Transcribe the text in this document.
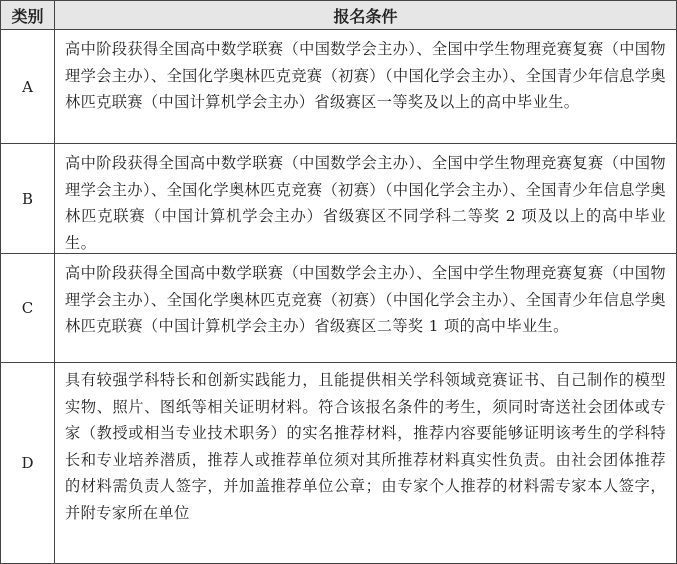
类别	报名条件
A
高中阶段获得全国高中数学联赛（中国数学会主办）、全国中学生物理竞赛复赛（中国物理学会主办）、全国化学奥林匹克竞赛（初赛）（中国化学会主办）、全国青少年信息学奥林匹克联赛（中国计算机学会主办）省级赛区一等奖及以上的高中毕业生。
B
高中阶段获得全国高中数学联赛（中国数学会主办）、全国中学生物理竞赛复赛（中国物理学会主办）、全国化学奥林匹克竞赛（初赛）（中国化学会主办）、全国青少年信息学奥林匹克联赛（中国计算机学会主办）省级赛区不同学科二等奖 2 项及以上的高中毕业生。
C
高中阶段获得全国高中数学联赛（中国数学会主办）、全国中学生物理竞赛复赛（中国物理学会主办）、全国化学奥林匹克竞赛（初赛）（中国化学会主办）、全国青少年信息学奥林匹克联赛（中国计算机学会主办）省级赛区二等奖 1 项的高中毕业生。
D
具有较强学科特长和创新实践能力，且能提供相关学科领域竞赛证书、自己制作的模型实物、照片、图纸等相关证明材料。符合该报名条件的考生，须同时寄送社会团体或专家（教授或相当专业技术职务）的实名推荐材料，推荐内容要能够证明该考生的学科特长和专业培养潜质，推荐人或推荐单位须对其所推荐材料真实性负责。由社会团体推荐的材料需负责人签字，并加盖推荐单位公章；由专家个人推荐的材料需专家本人签字，并附专家所在单位
